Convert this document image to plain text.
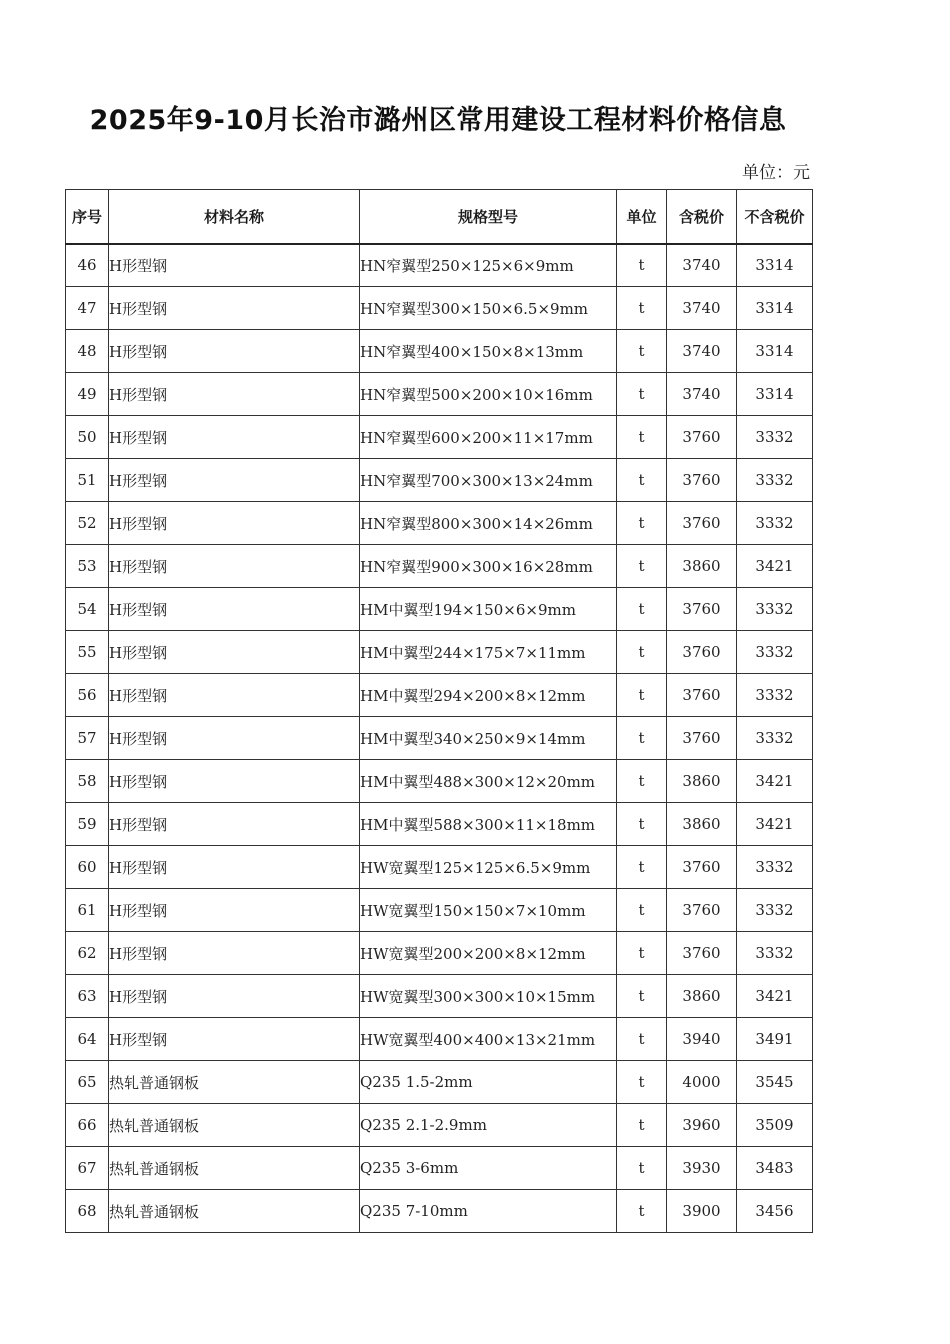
2025年9-10月长治市潞州区常用建设工程材料价格信息
单位：元
序号	材料名称	规格型号	单位	含税价	不含税价
46	H形型钢	HN窄翼型250×125×6×9mm	t	3740	3314
47	H形型钢	HN窄翼型300×150×6.5×9mm	t	3740	3314
48	H形型钢	HN窄翼型400×150×8×13mm	t	3740	3314
49	H形型钢	HN窄翼型500×200×10×16mm	t	3740	3314
50	H形型钢	HN窄翼型600×200×11×17mm	t	3760	3332
51	H形型钢	HN窄翼型700×300×13×24mm	t	3760	3332
52	H形型钢	HN窄翼型800×300×14×26mm	t	3760	3332
53	H形型钢	HN窄翼型900×300×16×28mm	t	3860	3421
54	H形型钢	HM中翼型194×150×6×9mm	t	3760	3332
55	H形型钢	HM中翼型244×175×7×11mm	t	3760	3332
56	H形型钢	HM中翼型294×200×8×12mm	t	3760	3332
57	H形型钢	HM中翼型340×250×9×14mm	t	3760	3332
58	H形型钢	HM中翼型488×300×12×20mm	t	3860	3421
59	H形型钢	HM中翼型588×300×11×18mm	t	3860	3421
60	H形型钢	HW宽翼型125×125×6.5×9mm	t	3760	3332
61	H形型钢	HW宽翼型150×150×7×10mm	t	3760	3332
62	H形型钢	HW宽翼型200×200×8×12mm	t	3760	3332
63	H形型钢	HW宽翼型300×300×10×15mm	t	3860	3421
64	H形型钢	HW宽翼型400×400×13×21mm	t	3940	3491
65	热轧普通钢板	Q235 1.5-2mm	t	4000	3545
66	热轧普通钢板	Q235 2.1-2.9mm	t	3960	3509
67	热轧普通钢板	Q235 3-6mm	t	3930	3483
68	热轧普通钢板	Q235 7-10mm	t	3900	3456
